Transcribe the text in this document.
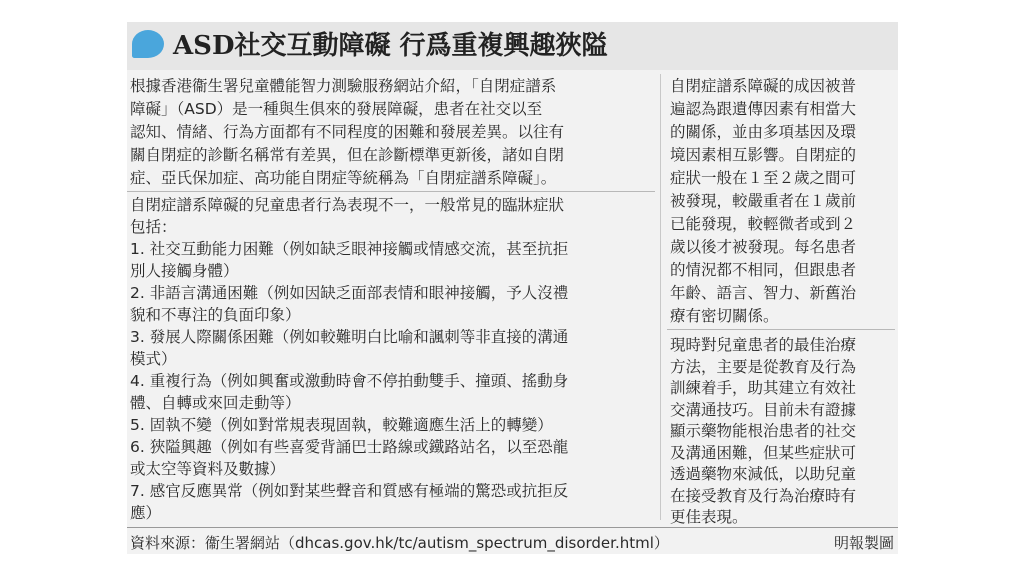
ASD社交互動障礙 行爲重複興趣狹隘
根據香港衞生署兒童體能智力測驗服務網站介紹，「自閉症譜系
障礙」（ASD）是一種與生俱來的發展障礙，患者在社交以至
認知、情緒、行為方面都有不同程度的困難和發展差異。以往有
關自閉症的診斷名稱常有差異，但在診斷標準更新後，諸如自閉
症、亞氏保加症、高功能自閉症等統稱為「自閉症譜系障礙」。
自閉症譜系障礙的兒童患者行為表現不一，一般常見的臨牀症狀
包括：
1. 社交互動能力困難（例如缺乏眼神接觸或情感交流，甚至抗拒
別人接觸身體）
2. 非語言溝通困難（例如因缺乏面部表情和眼神接觸，予人沒禮
貌和不專注的負面印象）
3. 發展人際關係困難（例如較難明白比喻和諷刺等非直接的溝通
模式）
4. 重複行為（例如興奮或激動時會不停拍動雙手、撞頭、搖動身
體、自轉或來回走動等）
5. 固執不變（例如對常規表現固執，較難適應生活上的轉變）
6. 狹隘興趣（例如有些喜愛背誦巴士路線或鐵路站名，以至恐龍
或太空等資料及數據）
7. 感官反應異常（例如對某些聲音和質感有極端的驚恐或抗拒反
應）
自閉症譜系障礙的成因被普
遍認為跟遺傳因素有相當大
的關係，並由多項基因及環
境因素相互影響。自閉症的
症狀一般在１至２歲之間可
被發現，較嚴重者在１歲前
已能發現，較輕微者或到２
歲以後才被發現。每名患者
的情況都不相同，但跟患者
年齡、語言、智力、新舊治
療有密切關係。
現時對兒童患者的最佳治療
方法，主要是從教育及行為
訓練着手，助其建立有效社
交溝通技巧。目前未有證據
顯示藥物能根治患者的社交
及溝通困難，但某些症狀可
透過藥物來減低，以助兒童
在接受教育及行為治療時有
更佳表現。
資料來源：衞生署網站（dhcas.gov.hk/tc/autism_spectrum_disorder.html）	明報製圖
